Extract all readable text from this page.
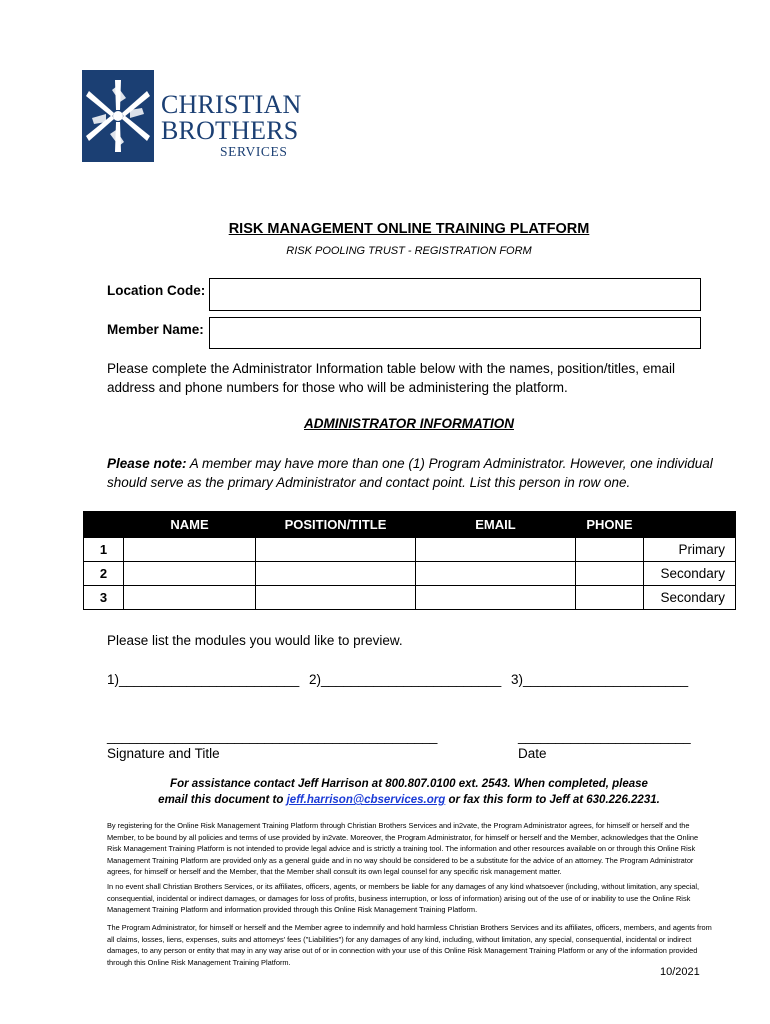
CHRISTIAN
BROTHERS
SERVICES
RISK MANAGEMENT ONLINE TRAINING PLATFORM
RISK POOLING TRUST - REGISTRATION FORM
Location Code:
Member Name:
Please complete the Administrator Information table below with the names, position/titles, email address and phone numbers for those who will be administering the platform.
ADMINISTRATOR INFORMATION
Please note: A member may have more than one (1) Program Administrator. However, one individual should serve as the primary Administrator and contact point. List this person in row one.
	NAME	POSITION/TITLE	EMAIL	PHONE	
1					Primary
2					Secondary
3					Secondary
Please list the modules you would like to preview.
1)________________________ 2)________________________ 3)______________________
____________________________________________
Signature and Title
_______________________
Date
For assistance contact Jeff Harrison at 800.807.0100 ext. 2543. When completed, please
email this document to jeff.harrison@cbservices.org or fax this form to Jeff at 630.226.2231.
By registering for the Online Risk Management Training Platform through Christian Brothers Services and in2vate, the Program Administrator agrees, for himself or herself and the Member, to be bound by all policies and terms of use provided by in2vate. Moreover, the Program Administrator, for himself or herself and the Member, acknowledges that the Online Risk Management Training Platform is not intended to provide legal advice and is strictly a training tool. The information and other resources available on or through this Online Risk Management Training Platform are provided only as a general guide and in no way should be considered to be a substitute for the advice of an attorney. The Program Administrator agrees, for himself or herself and the Member, that the Member shall consult its own legal counsel for any specific risk management matter.
In no event shall Christian Brothers Services, or its affiliates, officers, agents, or members be liable for any damages of any kind whatsoever (including, without limitation, any special, consequential, incidental or indirect damages, or damages for loss of profits, business interruption, or loss of information) arising out of the use of or inability to use the Online Risk Management Training Platform and information provided through this Online Risk Management Training Platform.
The Program Administrator, for himself or herself and the Member agree to indemnify and hold harmless Christian Brothers Services and its affiliates, officers, members, and agents from all claims, losses, liens, expenses, suits and attorneys' fees ("Liabilities") for any damages of any kind, including, without limitation, any special, consequential, incidental or indirect damages, to any person or entity that may in any way arise out of or in connection with your use of this Online Risk Management Training Platform or any of the information provided through this Online Risk Management Training Platform.
10/2021
